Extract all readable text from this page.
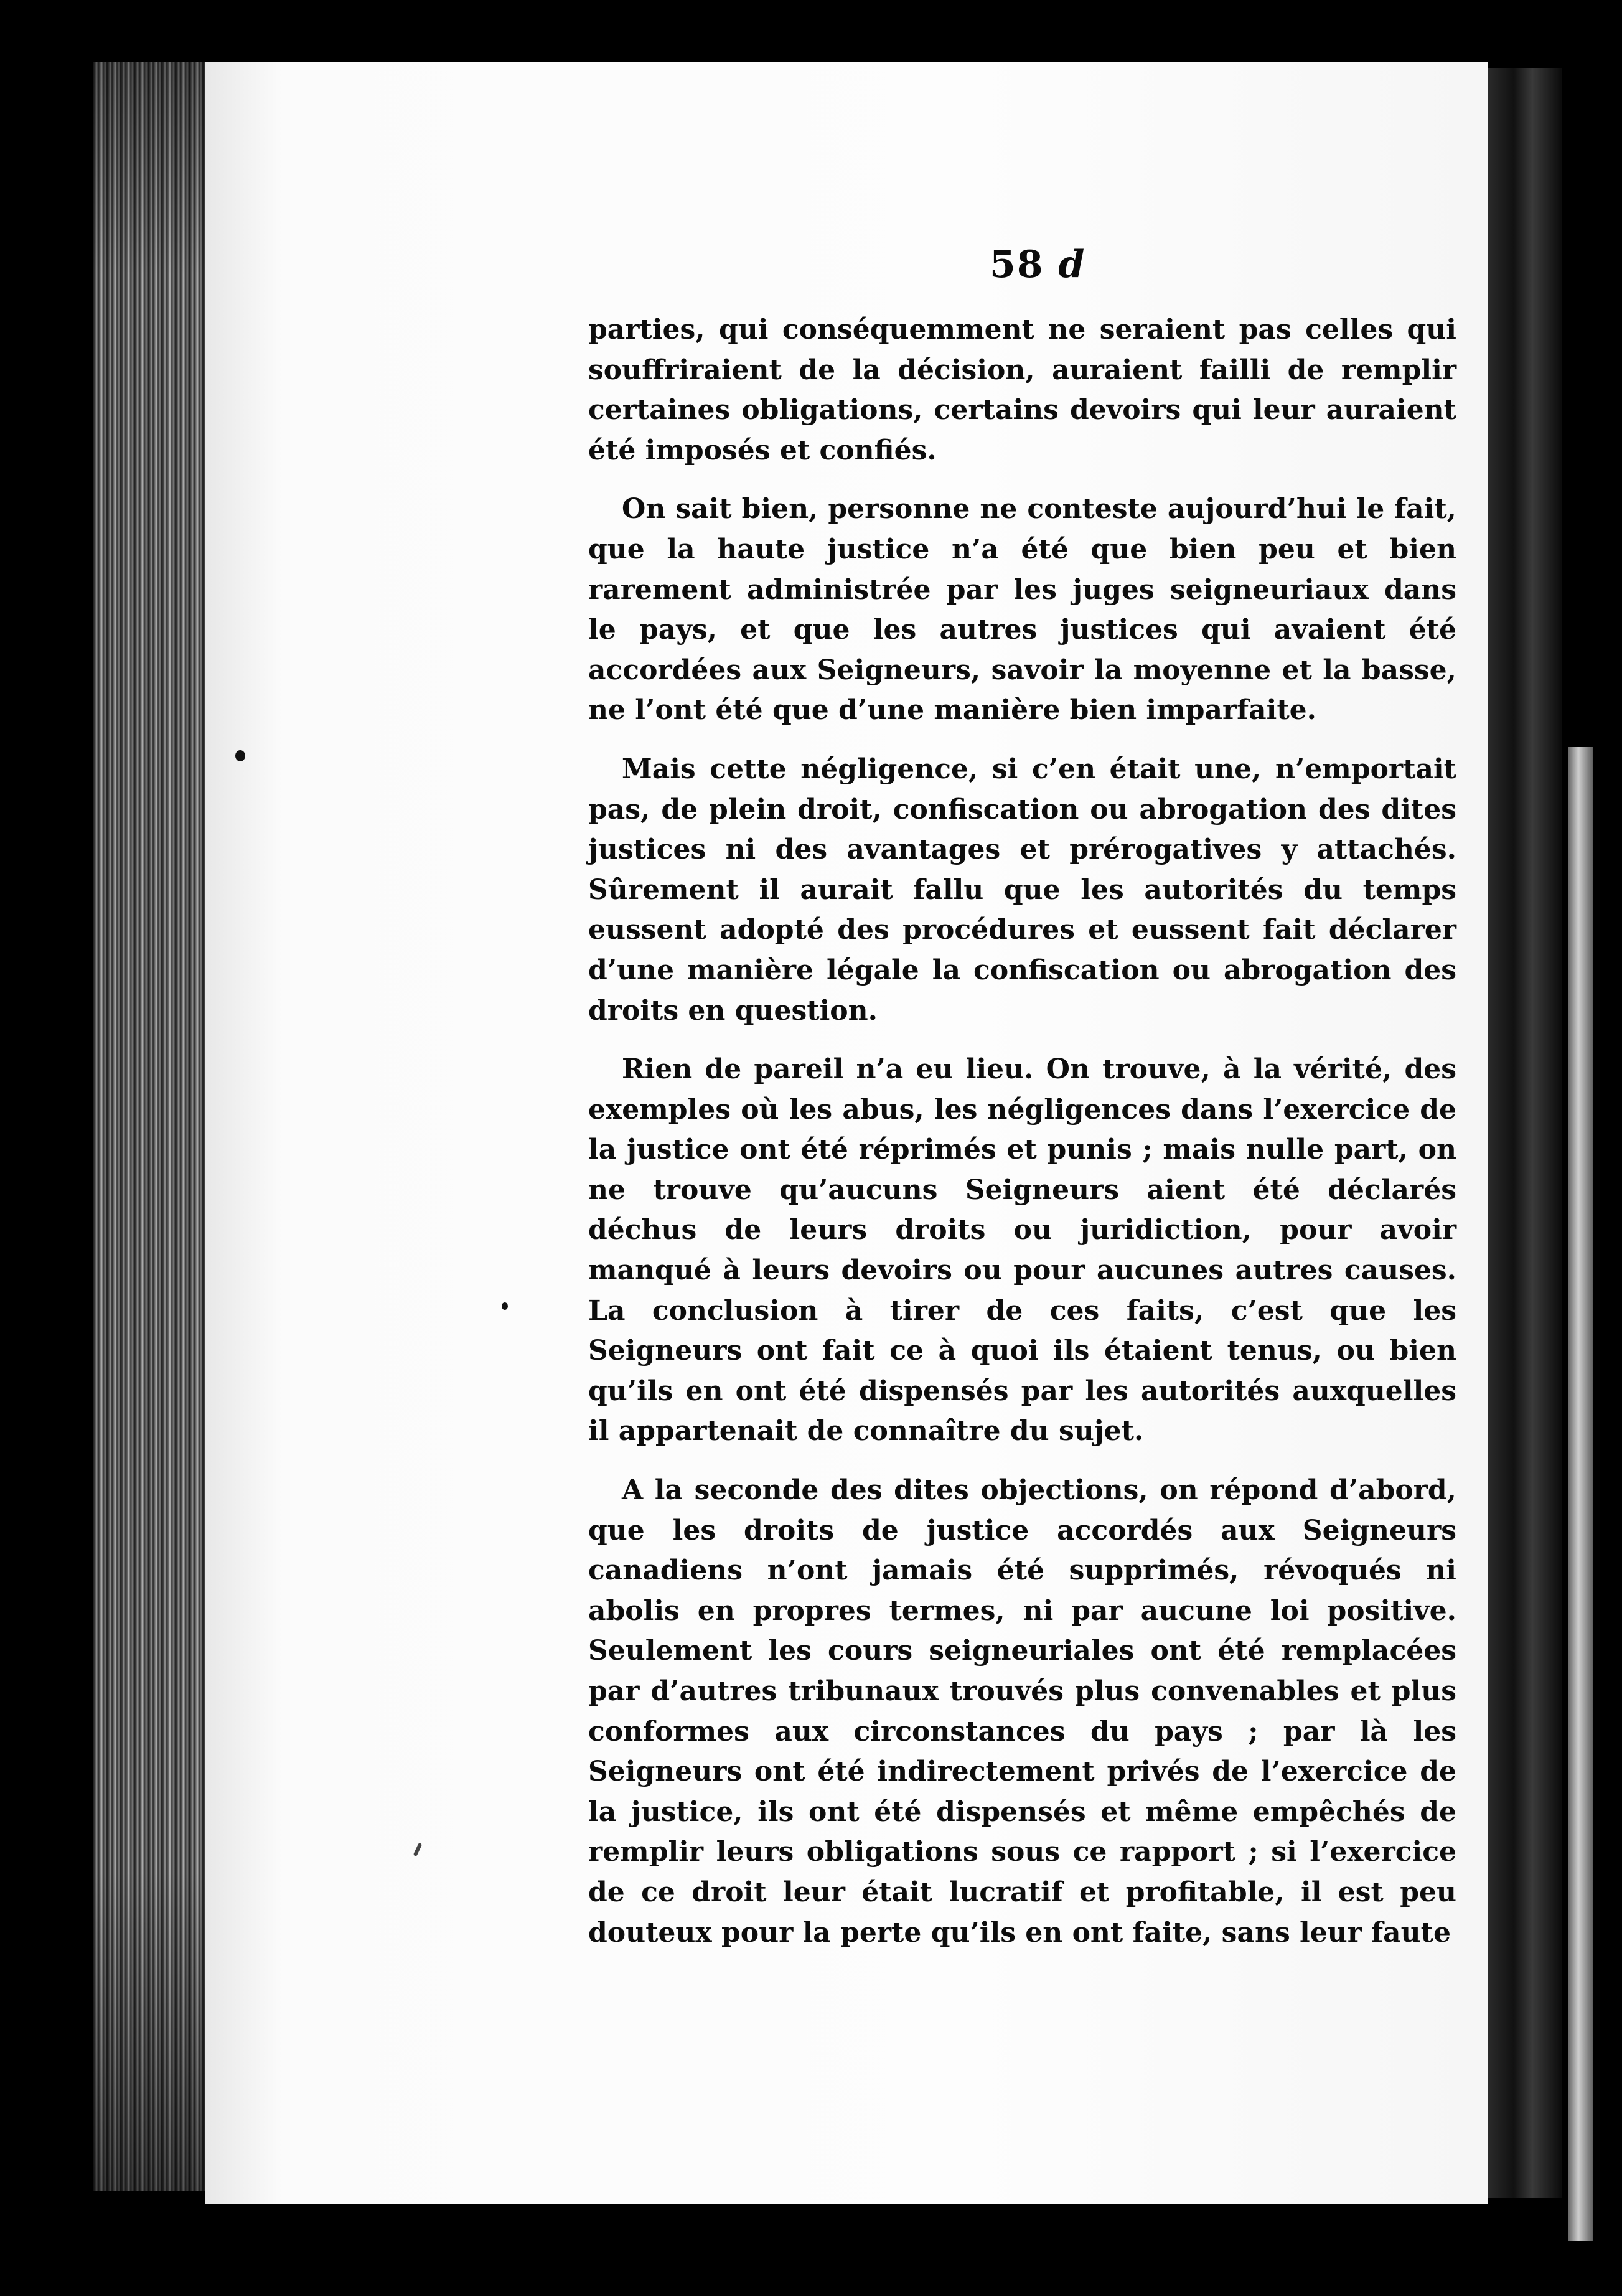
58 d

parties, qui conséquemment ne seraient pas celles qui souffriraient de la décision, auraient failli de remplir certaines obligations, certains devoirs qui leur auraient été imposés et confiés.

On sait bien, personne ne conteste aujourd’hui le fait, que la haute justice n’a été que bien peu et bien rarement administrée par les juges seigneuriaux dans le pays, et que les autres justices qui avaient été accordées aux Seigneurs, savoir la moyenne et la basse, ne l’ont été que d’une manière bien imparfaite.

Mais cette négligence, si c’en était une, n’emportait pas, de plein droit, confiscation ou abrogation des dites justices ni des avantages et prérogatives y attachés. Sûrement il aurait fallu que les autorités du temps eussent adopté des procédures et eussent fait déclarer d’une manière légale la confiscation ou abrogation des droits en question.

Rien de pareil n’a eu lieu. On trouve, à la vérité, des exemples où les abus, les négligences dans l’exercice de la justice ont été réprimés et punis ; mais nulle part, on ne trouve qu’aucuns Seigneurs aient été déclarés déchus de leurs droits ou juridiction, pour avoir manqué à leurs devoirs ou pour aucunes autres causes. La conclusion à tirer de ces faits, c’est que les Seigneurs ont fait ce à quoi ils étaient tenus, ou bien qu’ils en ont été dispensés par les autorités auxquelles il appartenait de connaître du sujet.

A la seconde des dites objections, on répond d’abord, que les droits de justice accordés aux Seigneurs canadiens n’ont jamais été supprimés, révoqués ni abolis en propres termes, ni par aucune loi positive. Seulement les cours seigneuriales ont été remplacées par d’autres tribunaux trouvés plus convenables et plus conformes aux circonstances du pays ; par là les Seigneurs ont été indirectement privés de l’exercice de la justice, ils ont été dispensés et même empêchés de remplir leurs obligations sous ce rapport ; si l’exercice de ce droit leur était lucratif et profitable, il est peu douteux pour la perte qu’ils en ont faite, sans leur faute
